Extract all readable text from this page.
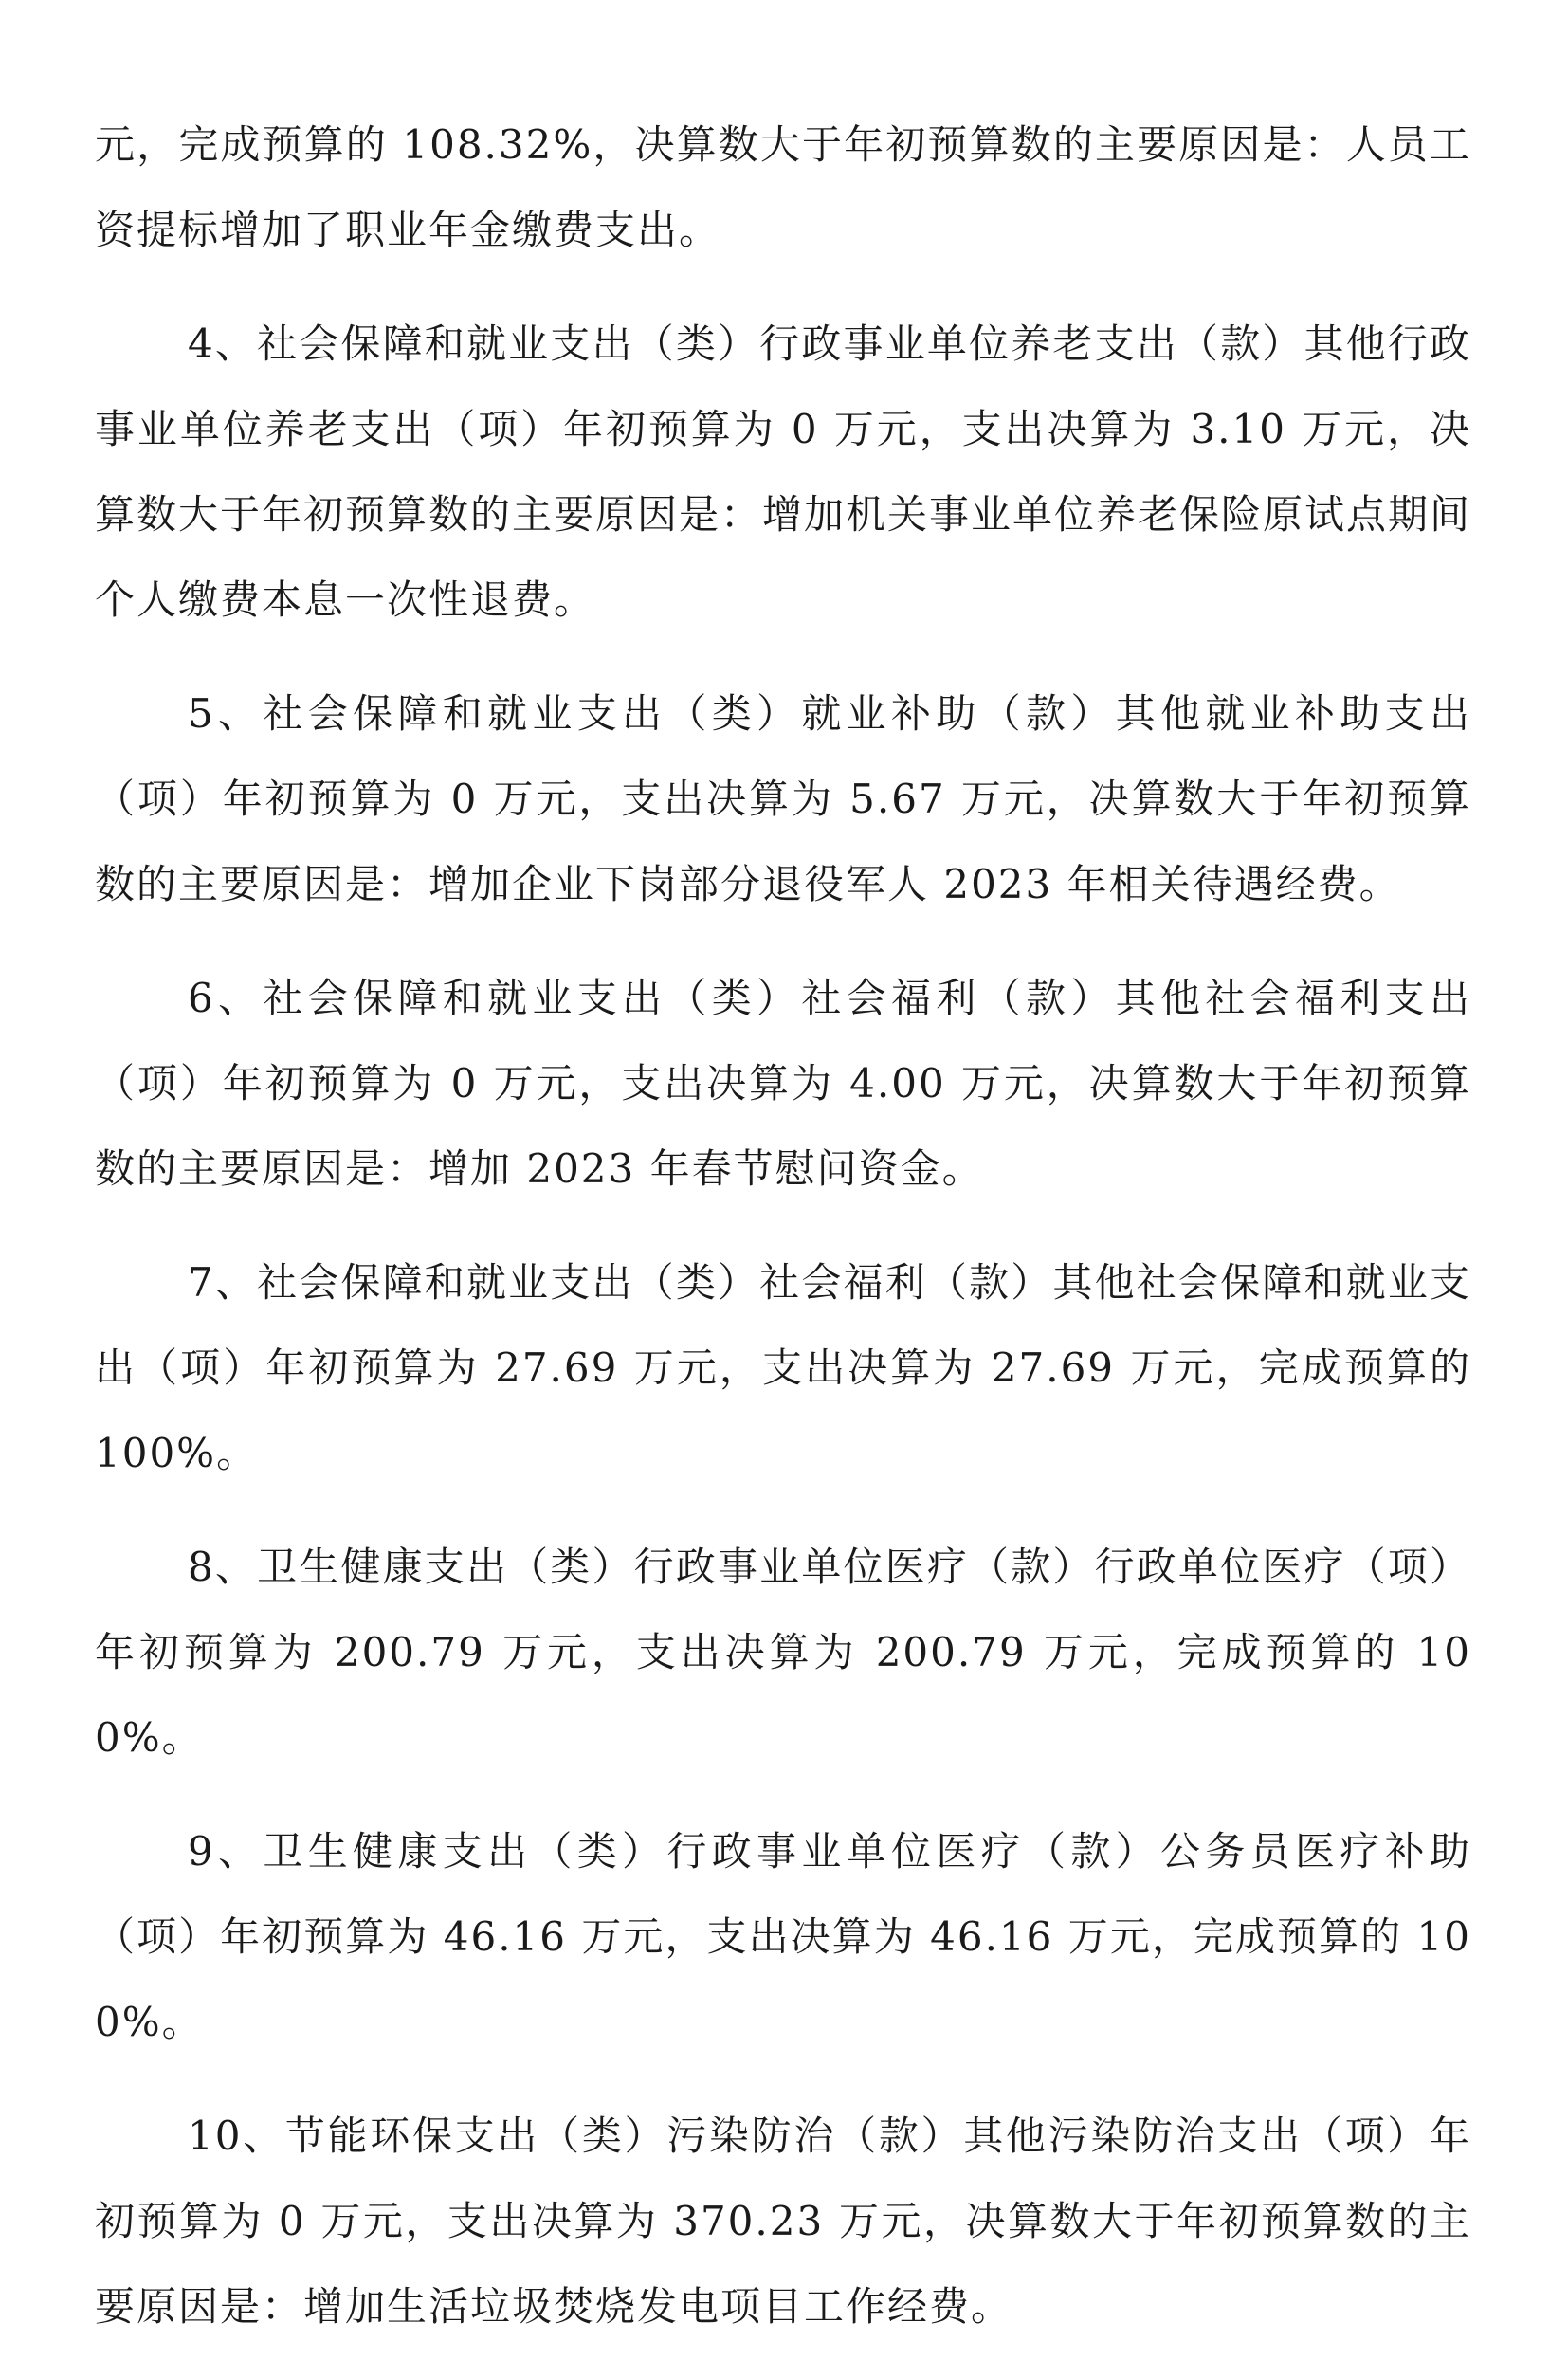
元，完成预算的 108.32%，决算数大于年初预算数的主要原因是：人员工资提标增加了职业年金缴费支出。

4、社会保障和就业支出（类）行政事业单位养老支出（款）其他行政事业单位养老支出（项）年初预算为 0 万元，支出决算为 3.10 万元，决算数大于年初预算数的主要原因是：增加机关事业单位养老保险原试点期间个人缴费本息一次性退费。

5、社会保障和就业支出（类）就业补助（款）其他就业补助支出（项）年初预算为 0 万元，支出决算为 5.67 万元，决算数大于年初预算数的主要原因是：增加企业下岗部分退役军人 2023 年相关待遇经费。

6、社会保障和就业支出（类）社会福利（款）其他社会福利支出（项）年初预算为 0 万元，支出决算为 4.00 万元，决算数大于年初预算数的主要原因是：增加 2023 年春节慰问资金。

7、社会保障和就业支出（类）社会福利（款）其他社会保障和就业支出（项）年初预算为 27.69 万元，支出决算为 27.69 万元，完成预算的 100%。

8、卫生健康支出（类）行政事业单位医疗（款）行政单位医疗（项）年初预算为 200.79 万元，支出决算为 200.79 万元，完成预算的 100%。

9、卫生健康支出（类）行政事业单位医疗（款）公务员医疗补助（项）年初预算为 46.16 万元，支出决算为 46.16 万元，完成预算的 100%。

10、节能环保支出（类）污染防治（款）其他污染防治支出（项）年初预算为 0 万元，支出决算为 370.23 万元，决算数大于年初预算数的主要原因是：增加生活垃圾焚烧发电项目工作经费。
